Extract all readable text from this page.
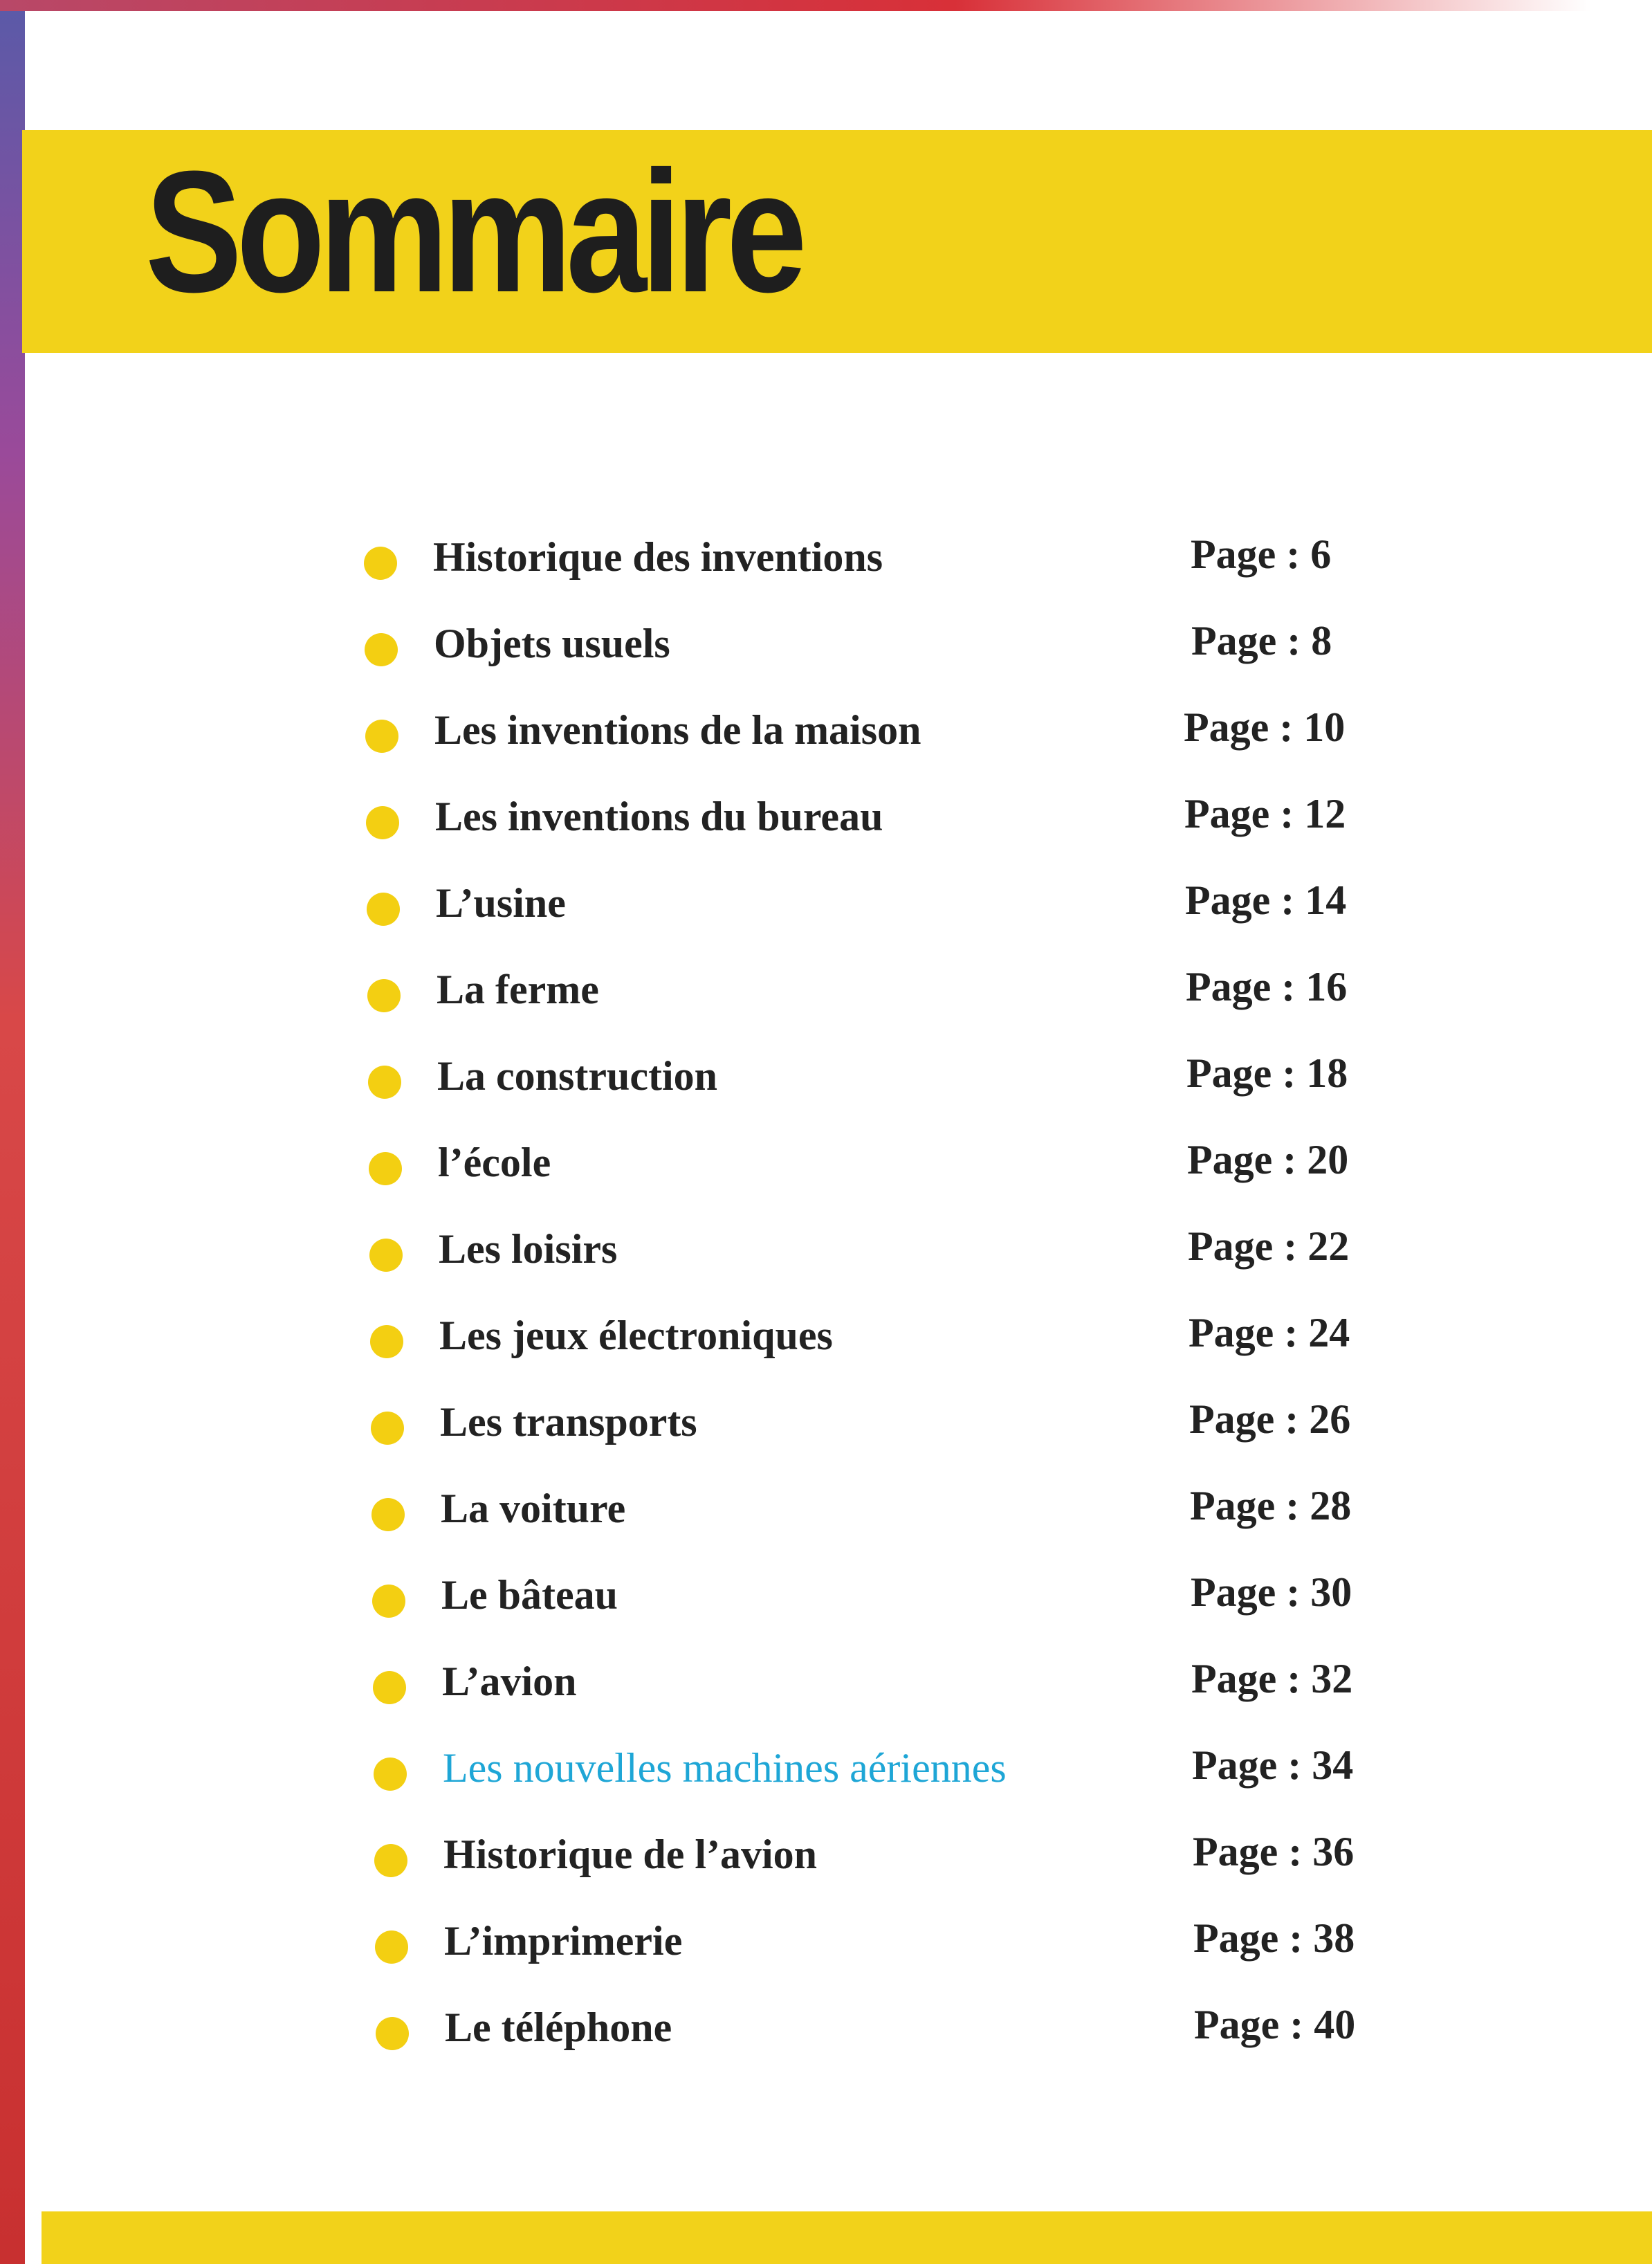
Sommaire
Historique des inventions	Page : 6
Objets usuels	Page : 8
Les inventions de la maison	Page : 10
Les inventions du bureau	Page : 12
L’usine	Page : 14
La ferme	Page : 16
La construction	Page : 18
l’école	Page : 20
Les loisirs	Page : 22
Les jeux électroniques	Page : 24
Les transports	Page : 26
La voiture	Page : 28
Le bâteau	Page : 30
L’avion	Page : 32
Les nouvelles machines aériennes	Page : 34
Historique de l’avion	Page : 36
L’imprimerie	Page : 38
Le téléphone	Page : 40
